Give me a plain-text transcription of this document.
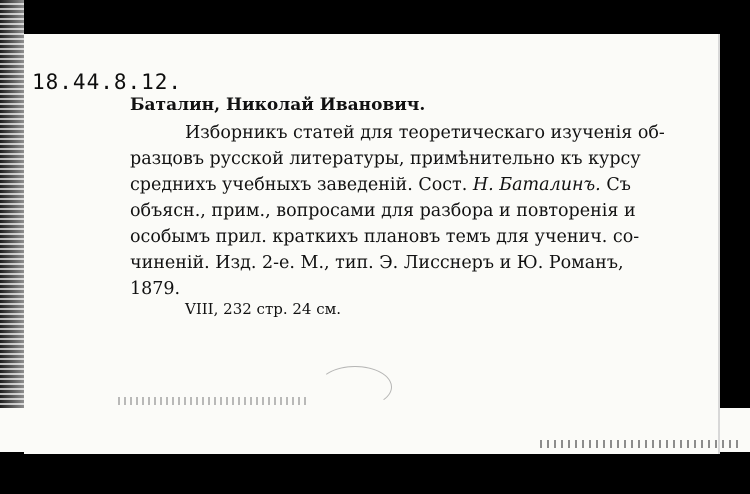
18.44.8.12.
Баталин, Николай Иванович.
Изборникъ статей для теоретическаго изученія об-
разцовъ русской литературы, примѣнительно къ курсу
среднихъ учебныхъ заведеній. Сост. Н. Баталинъ. Съ
объясн., прим., вопросами для разбора и повторенія и
особымъ прил. краткихъ плановъ темъ для ученич. со-
чиненій. Изд. 2-е. М., тип. Э. Лисснеръ и Ю. Романъ,
1879.
VIII, 232 стр. 24 см.
